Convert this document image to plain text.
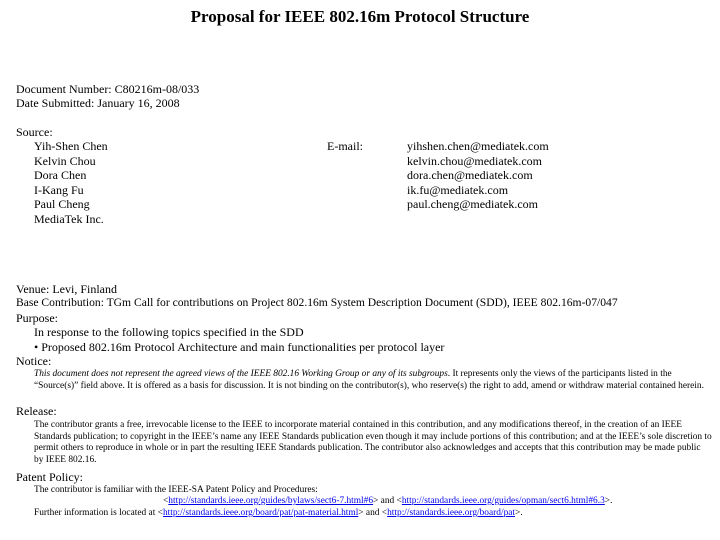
Proposal for IEEE 802.16m Protocol Structure
Document Number: C80216m-08/033
Date Submitted: January 16, 2008
Source:
Yih-Shen Chen
Kelvin Chou
Dora Chen
I-Kang Fu
Paul Cheng
MediaTek Inc.
E-mail:	yihshen.chen@mediatek.com
kelvin.chou@mediatek.com
dora.chen@mediatek.com
ik.fu@mediatek.com
paul.cheng@mediatek.com
Venue: Levi, Finland
Base Contribution: TGm Call for contributions on Project 802.16m System Description Document (SDD), IEEE 802.16m-07/047
Purpose:
In response to the following topics specified in the SDD
• Proposed 802.16m Protocol Architecture and main functionalities per protocol layer
Notice:
This document does not represent the agreed views of the IEEE 802.16 Working Group or any of its subgroups. It represents only the views of the participants listed in the “Source(s)” field above. It is offered as a basis for discussion. It is not binding on the contributor(s), who reserve(s) the right to add, amend or withdraw material contained herein.
Release:
The contributor grants a free, irrevocable license to the IEEE to incorporate material contained in this contribution, and any modifications thereof, in the creation of an IEEE Standards publication; to copyright in the IEEE’s name any IEEE Standards publication even though it may include portions of this contribution; and at the IEEE’s sole discretion to permit others to reproduce in whole or in part the resulting IEEE Standards publication. The contributor also acknowledges and accepts that this contribution may be made public by IEEE 802.16.
Patent Policy:
The contributor is familiar with the IEEE-SA Patent Policy and Procedures:
<http://standards.ieee.org/guides/bylaws/sect6-7.html#6> and <http://standards.ieee.org/guides/opman/sect6.html#6.3>.
Further information is located at <http://standards.ieee.org/board/pat/pat-material.html> and <http://standards.ieee.org/board/pat>.
